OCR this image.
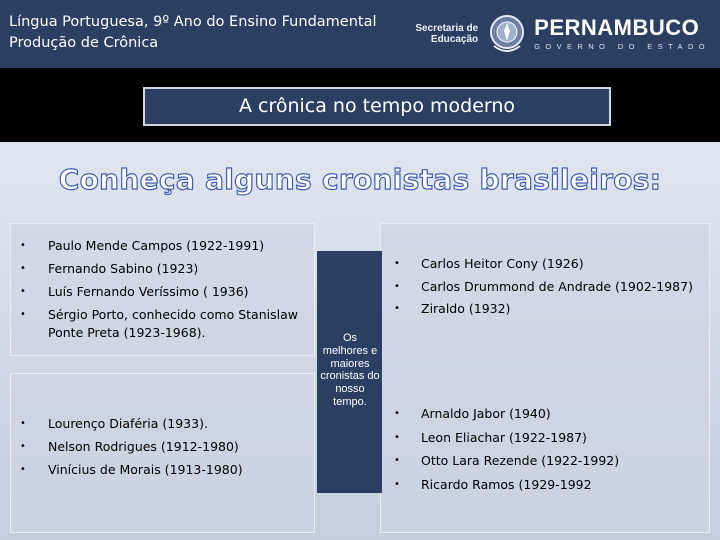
Língua Portuguesa, 9º Ano do Ensino Fundamental
Produção de Crônica
Secretaria de
Educação	PERNAMBUCO
GOVERNO DO ESTADO
A crônica no tempo moderno
Conheça alguns cronistas brasileiros:
Os melhores e maiores cronistas do nosso tempo.
• Paulo Mende Campos (1922-1991)
• Fernando Sabino (1923)
• Luís Fernando Veríssimo ( 1936)
• Sérgio Porto, conhecido como Stanislaw Ponte Preta (1923-1968).
• Lourenço Diaféria (1933).
• Nelson Rodrigues (1912-1980)
• Vinícius de Morais (1913-1980)
• Carlos Heitor Cony (1926)
• Carlos Drummond de Andrade (1902-1987)
• Ziraldo (1932)
• Arnaldo Jabor (1940)
• Leon Eliachar (1922-1987)
• Otto Lara Rezende (1922-1992)
• Ricardo Ramos (1929-1992
